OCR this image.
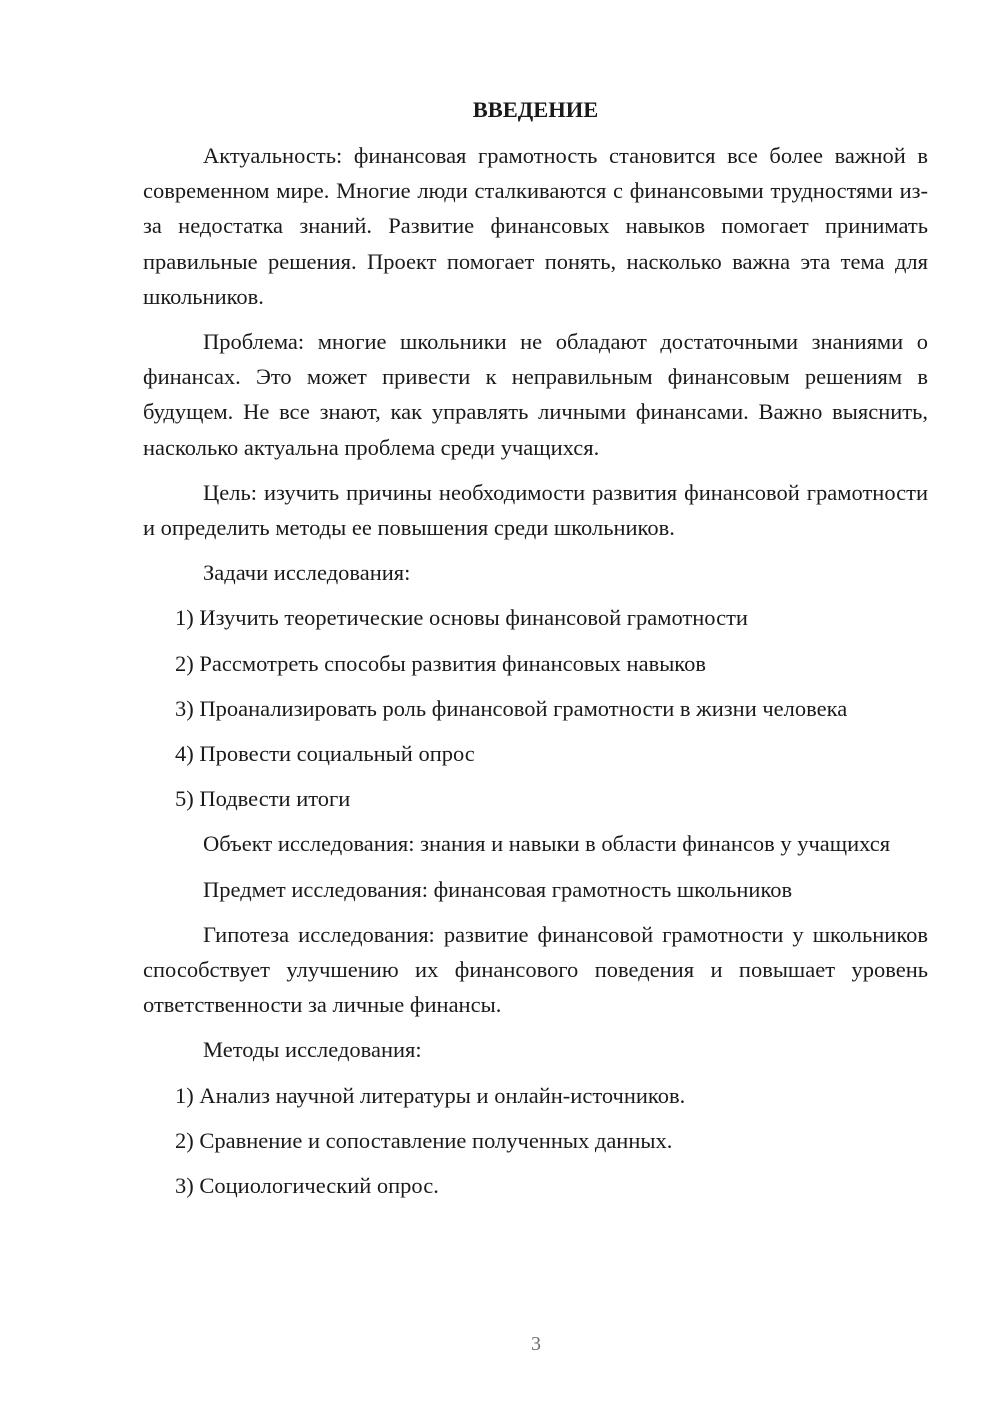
ВВЕДЕНИЕ
Актуальность: финансовая грамотность становится все более важной в современном мире. Многие люди сталкиваются с финансовыми трудностями из-за недостатка знаний. Развитие финансовых навыков помогает принимать правильные решения. Проект помогает понять, насколько важна эта тема для школьников.
Проблема: многие школьники не обладают достаточными знаниями о финансах. Это может привести к неправильным финансовым решениям в будущем. Не все знают, как управлять личными финансами. Важно выяснить, насколько актуальна проблема среди учащихся.
Цель: изучить причины необходимости развития финансовой грамотности и определить методы ее повышения среди школьников.
Задачи исследования:
1) Изучить теоретические основы финансовой грамотности
2) Рассмотреть способы развития финансовых навыков
3) Проанализировать роль финансовой грамотности в жизни человека
4) Провести социальный опрос
5) Подвести итоги
Объект исследования: знания и навыки в области финансов у учащихся
Предмет исследования: финансовая грамотность школьников
Гипотеза исследования: развитие финансовой грамотности у школьников способствует улучшению их финансового поведения и повышает уровень ответственности за личные финансы.
Методы исследования:
1) Анализ научной литературы и онлайн-источников.
2) Сравнение и сопоставление полученных данных.
3) Социологический опрос.
3
